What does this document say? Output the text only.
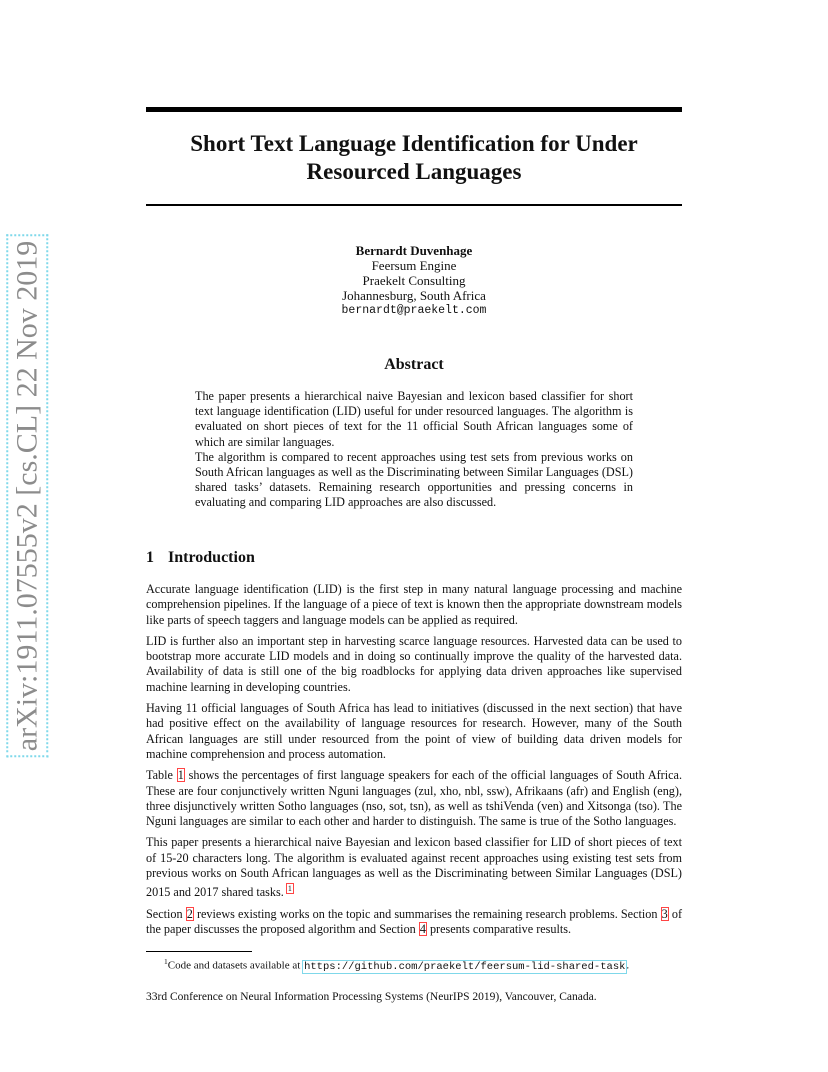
arXiv:1911.07555v2 [cs.CL] 22 Nov 2019
Short Text Language Identification for Under
Resourced Languages
Bernardt Duvenhage
Feersum Engine
Praekelt Consulting
Johannesburg, South Africa
bernardt@praekelt.com
Abstract

The paper presents a hierarchical naive Bayesian and lexicon based classifier for short text language identification (LID) useful for under resourced languages. The algorithm is evaluated on short pieces of text for the 11 official South African languages some of which are similar languages.

The algorithm is compared to recent approaches using test sets from previous works on South African languages as well as the Discriminating between Similar Languages (DSL) shared tasks’ datasets. Remaining research opportunities and pressing concerns in evaluating and comparing LID approaches are also discussed.

1 Introduction

Accurate language identification (LID) is the first step in many natural language processing and machine comprehension pipelines. If the language of a piece of text is known then the appropriate downstream models like parts of speech taggers and language models can be applied as required.

LID is further also an important step in harvesting scarce language resources. Harvested data can be used to bootstrap more accurate LID models and in doing so continually improve the quality of the harvested data. Availability of data is still one of the big roadblocks for applying data driven approaches like supervised machine learning in developing countries.

Having 11 official languages of South Africa has lead to initiatives (discussed in the next section) that have had positive effect on the availability of language resources for research. However, many of the South African languages are still under resourced from the point of view of building data driven models for machine comprehension and process automation.

Table 1 shows the percentages of first language speakers for each of the official languages of South Africa. These are four conjunctively written Nguni languages (zul, xho, nbl, ssw), Afrikaans (afr) and English (eng), three disjunctively written Sotho languages (nso, sot, tsn), as well as tshiVenda (ven) and Xitsonga (tso). The Nguni languages are similar to each other and harder to distinguish. The same is true of the Sotho languages.

This paper presents a hierarchical naive Bayesian and lexicon based classifier for LID of short pieces of text of 15-20 characters long. The algorithm is evaluated against recent approaches using existing test sets from previous works on South African languages as well as the Discriminating between Similar Languages (DSL) 2015 and 2017 shared tasks. $^1$

Section 2 reviews existing works on the topic and summarises the remaining research problems. Section 3 of the paper discusses the proposed algorithm and Section 4 presents comparative results.

$^1$Code and datasets available at https://github.com/praekelt/feersum-lid-shared-task.
33rd Conference on Neural Information Processing Systems (NeurIPS 2019), Vancouver, Canada.
